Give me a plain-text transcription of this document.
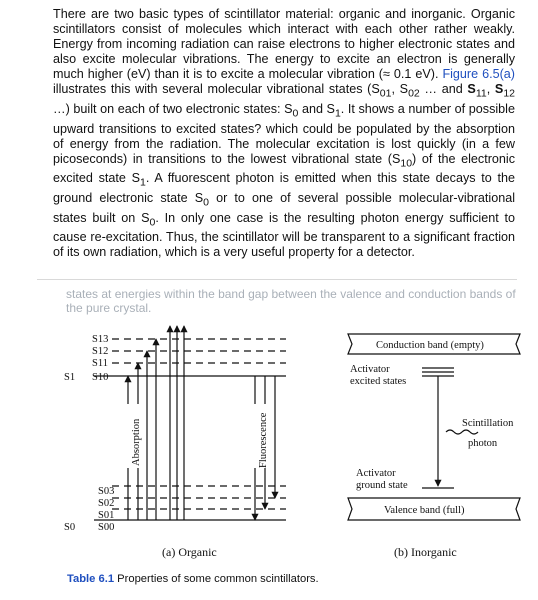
There are two basic types of scintillator material: organic and inorganic. Organic scintillators consist of molecules which interact with each other rather weakly. Energy from incoming radiation can raise electrons to higher electronic states and also excite molecular vibrations. The energy to excite an electron is generally much higher (eV) than it is to excite a molecular vibration (≈ 0.1 eV). Figure 6.5(a) illustrates this with several molecular vibrational states ($S_{01}$, $S_{02}$ … and $S_{11}$, $S_{12}$ …) built on each of two electronic states: $S_0$ and $S_1$. It shows a number of possible upward transitions to excited states? which could be populated by the absorption of energy from the radiation. The molecular excitation is lost quickly (in a few picoseconds) in transitions to the lowest vibrational state $(S_{10})$ of the electronic excited state $S_1$. A ffuorescent photon is emitted when this state decays to the ground electronic state $S_0$ or to one of several possible molecular-vibrational states built on $S_0$. In only one case is the resulting photon energy sufficient to cause re-excitation. Thus, the scintillator will be transparent to a significant fraction of its own radiation, which is a very useful property for a detector.
states at energies within the band gap between the valence and conduction bands of the pure crystal.
S13
S12
S11
S10
S1
S03
S02
S01
S00
S0
Absorption	Fluorescence
(a) Organic
Conduction band (empty)
Activator
excited states
Scintillation
photon
Activator
ground state
Valence band (full)
(b) Inorganic
Table 6.1 Properties of some common scintillators.
